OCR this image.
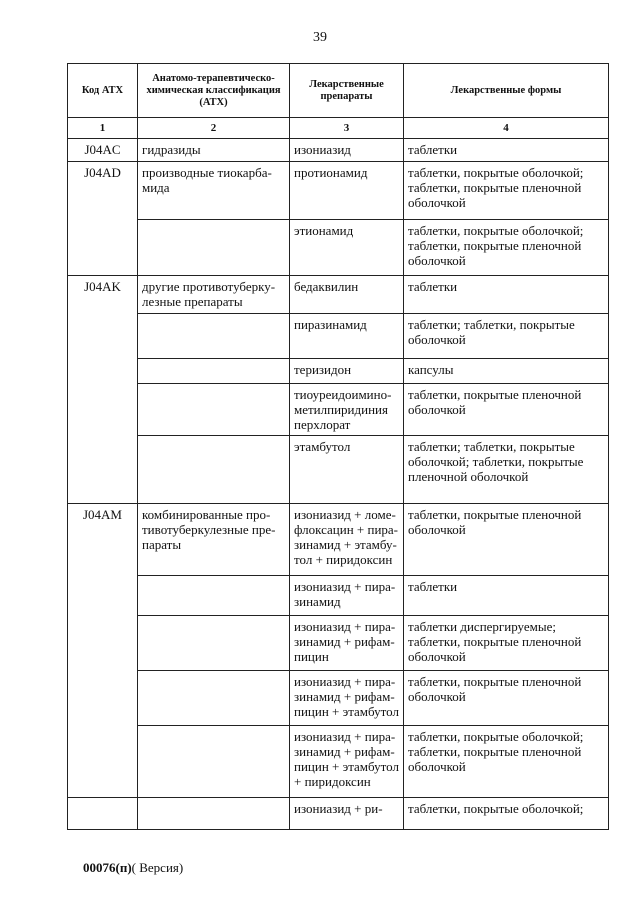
39
Код АТХ	Анатомо-терапевтическо-химическая классификация (АТХ)	Лекарственные препараты	Лекарственные формы
1	2	3	4
J04AC	гидразиды	изониазид	таблетки
J04AD	производные тиокарба-мида	протионамид	таблетки, покрытые оболочкой; таблетки, покрытые пленочной оболочкой
		этионамид	таблетки, покрытые оболочкой; таблетки, покрытые пленочной оболочкой
J04AK	другие противотуберку-лезные препараты	бедаквилин	таблетки
		пиразинамид	таблетки; таблетки, покрытые оболочкой
		теризидон	капсулы
		тиоуреидоимино-метилпиридиния перхлорат	таблетки, покрытые пленочной оболочкой
		этамбутол	таблетки; таблетки, покрытые оболочкой; таблетки, покрытые пленочной оболочкой
J04AM	комбинированные про-тивотуберкулезные пре-параты	изониазид + ломе-флоксацин + пира-зинамид + этамбу-тол + пиридоксин	таблетки, покрытые пленочной оболочкой
		изониазид + пира-зинамид	таблетки
		изониазид + пира-зинамид + рифам-пицин	таблетки диспергируемые; таблетки, покрытые пленочной оболочкой
		изониазид + пира-зинамид + рифам-пицин + этамбутол	таблетки, покрытые пленочной оболочкой
		изониазид + пира-зинамид + рифам-пицин + этамбутол + пиридоксин	таблетки, покрытые оболочкой; таблетки, покрытые пленочной оболочкой
		изониазид + ри-	таблетки, покрытые оболочкой;
00076(п)( Версия)
